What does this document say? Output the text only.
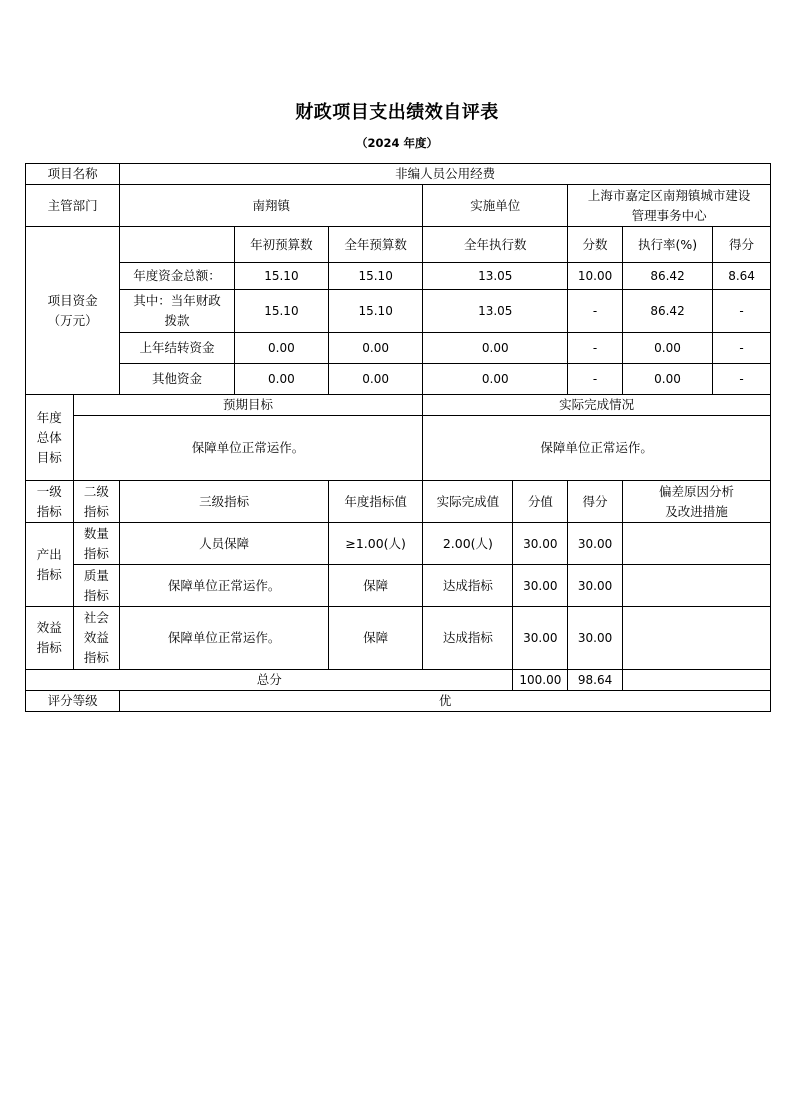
财政项目支出绩效自评表
（2024 年度）
项目名称		非编人员公用经费							
主管部门		南翔镇			实施单位		上海市嘉定区南翔镇城市建设
管理事务中心		

项目资金
（万元）			年初预算数	全年预算数	全年执行数		分数	执行率(%)	得分
		年度资金总额：	15.10	15.10	13.05		10.00	86.42	8.64

		其中：当年财政
拨款	15.10	15.10	13.05		-	86.42	-
		上年结转资金	0.00	0.00	0.00		-	0.00	-
		其他资金	0.00	0.00	0.00		-	0.00	-

年度
总体
目标	预期目标				实际完成情况				
	保障单位正常运作。				保障单位正常运作。				

一级
指标	二级
指标	三级指标		年度指标值	实际完成值	分值	得分	偏差原因分析
及改进措施	

产出
指标	数量
指标	人员保障		≥1.00(人)	2.00(人)	30.00	30.00		

	质量
指标	保障单位正常运作。		保障	达成指标	30.00	30.00		

效益
指标	社会
效益
指标	保障单位正常运作。		保障	达成指标	30.00	30.00		
总分						100.00	98.64		
评分等级		优							
